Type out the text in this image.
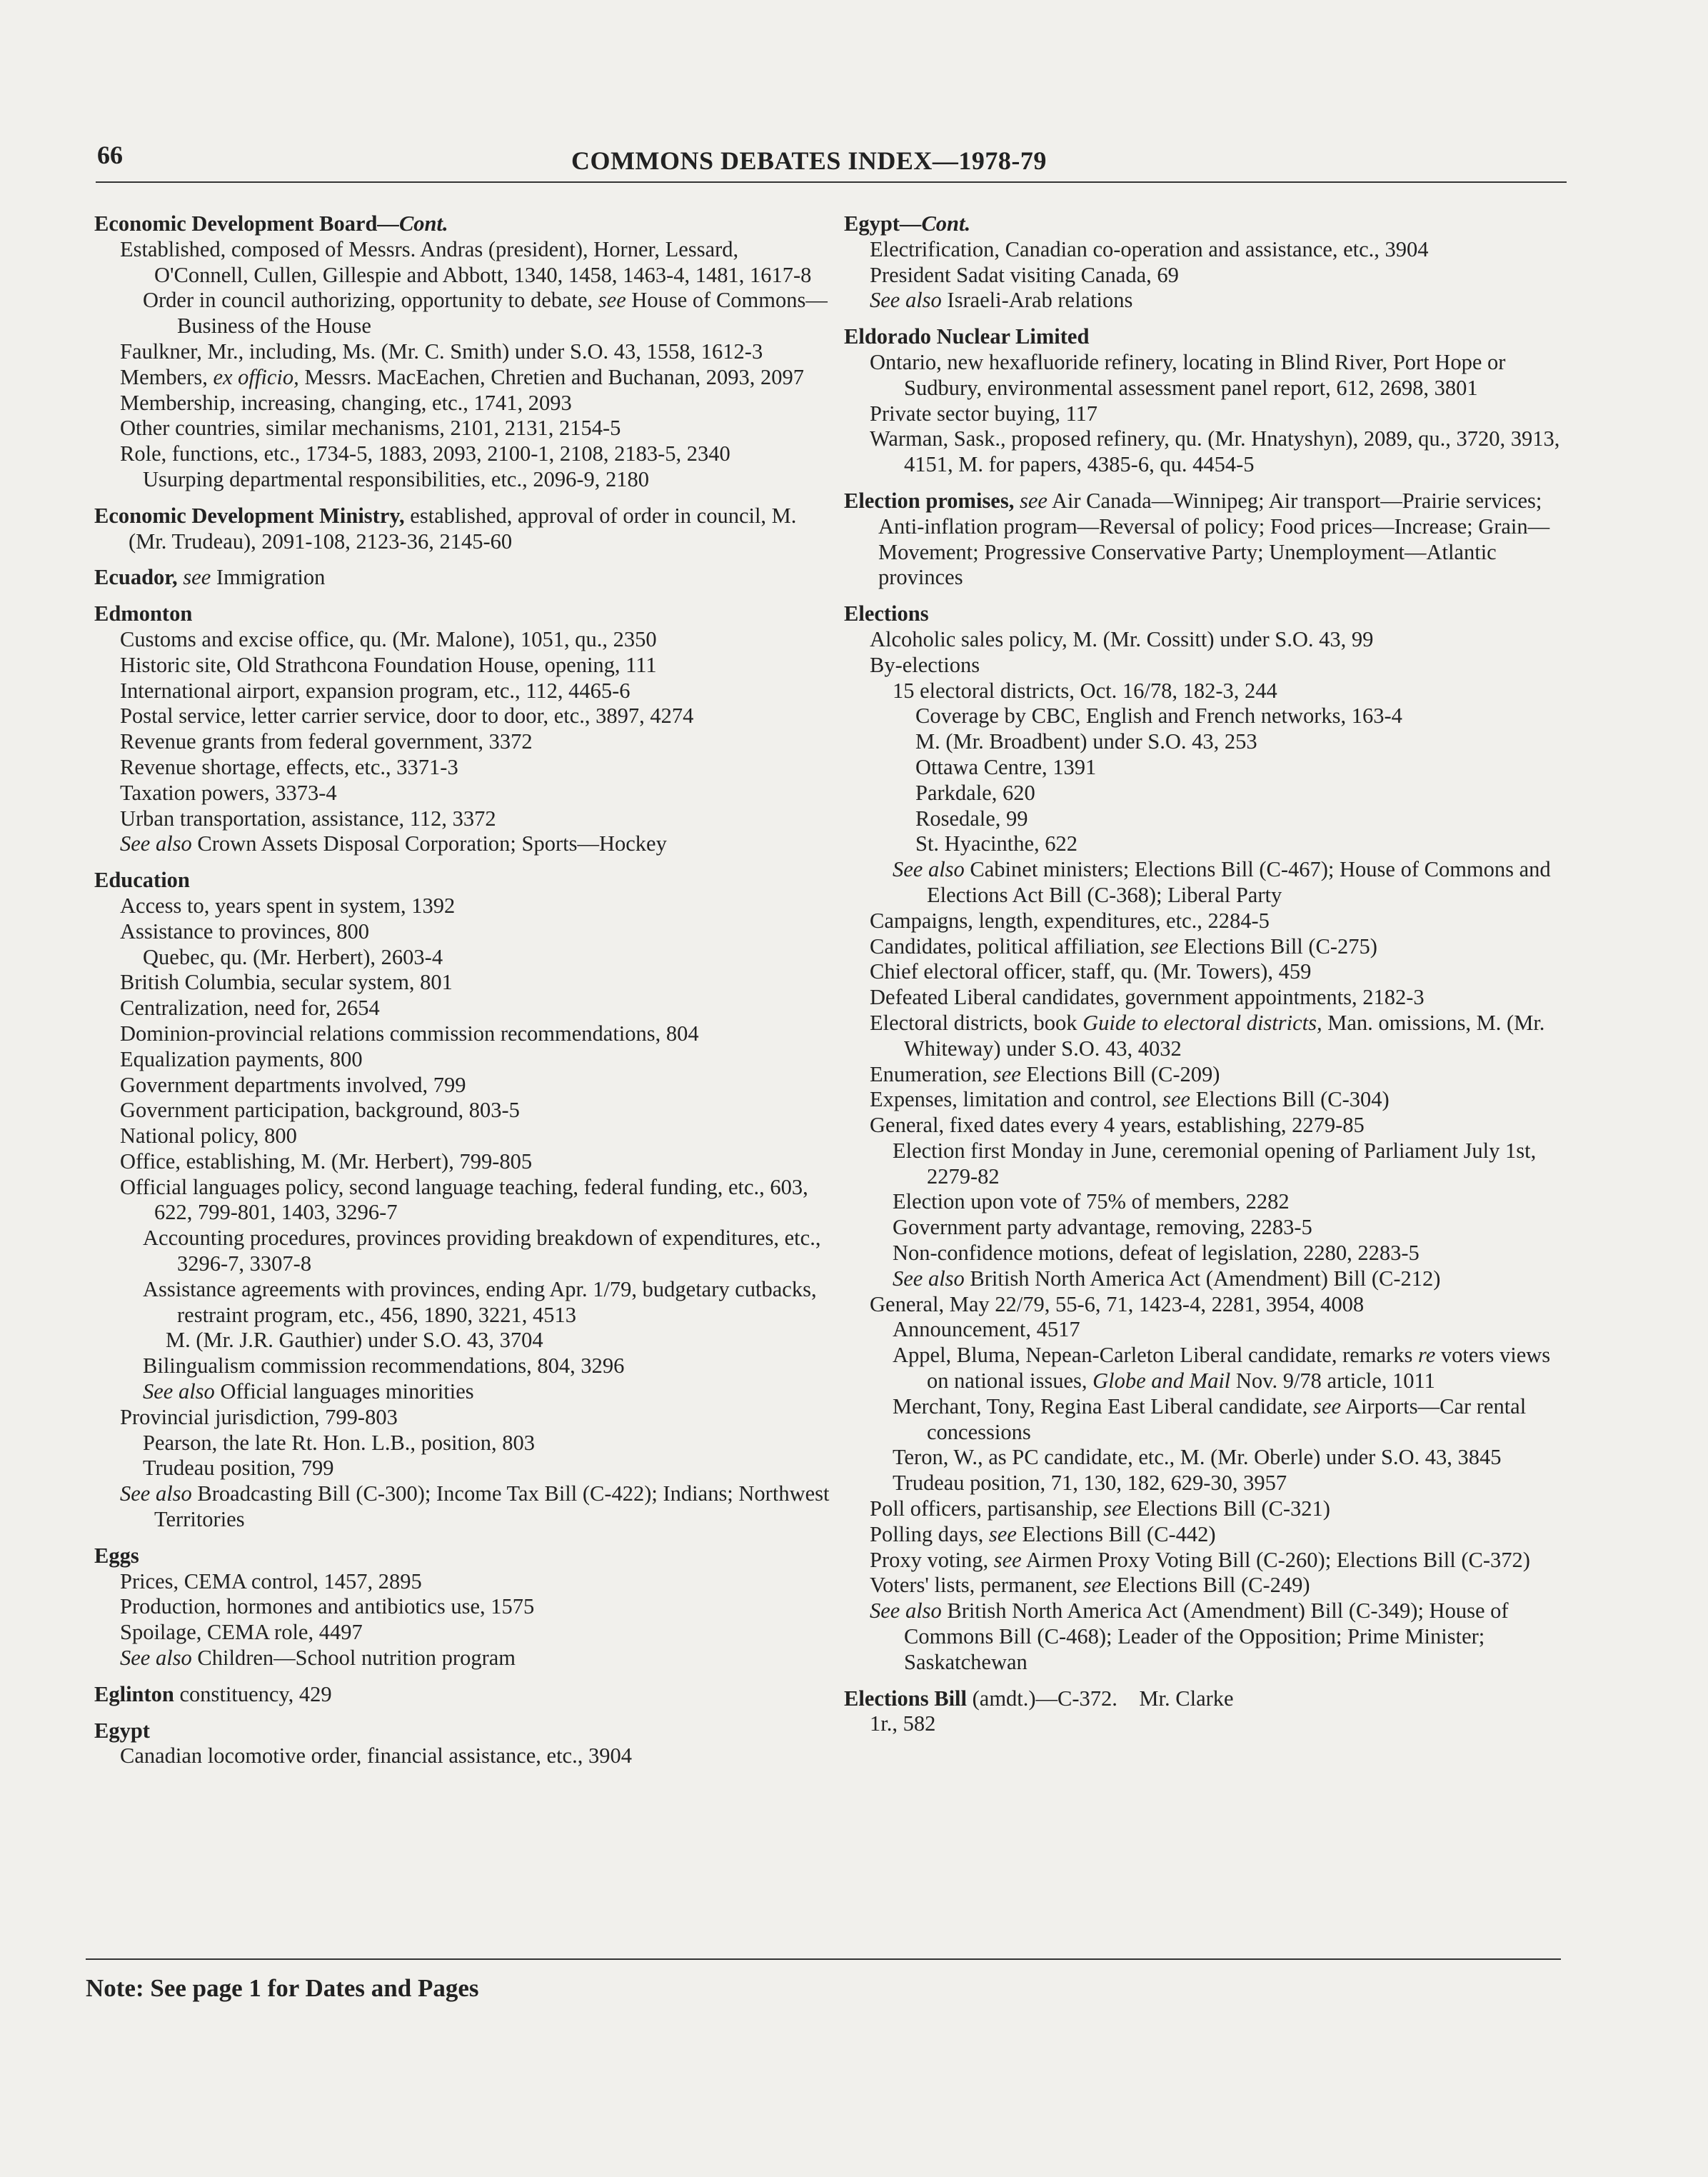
66	COMMONS DEBATES INDEX—1978-79
Economic Development Board—Cont.
Established, composed of Messrs. Andras (president), Horner, Lessard, O'Connell, Cullen, Gillespie and Abbott, 1340, 1458, 1463-4, 1481, 1617-8
Order in council authorizing, opportunity to debate, see House of Commons—Business of the House
Faulkner, Mr., including, Ms. (Mr. C. Smith) under S.O. 43, 1558, 1612-3
Members, ex officio, Messrs. MacEachen, Chretien and Buchanan, 2093, 2097
Membership, increasing, changing, etc., 1741, 2093
Other countries, similar mechanisms, 2101, 2131, 2154-5
Role, functions, etc., 1734-5, 1883, 2093, 2100-1, 2108, 2183-5, 2340
Usurping departmental responsibilities, etc., 2096-9, 2180
Economic Development Ministry, established, approval of order in council, M. (Mr. Trudeau), 2091-108, 2123-36, 2145-60
Ecuador, see Immigration
Edmonton
Customs and excise office, qu. (Mr. Malone), 1051, qu., 2350
Historic site, Old Strathcona Foundation House, opening, 111
International airport, expansion program, etc., 112, 4465-6
Postal service, letter carrier service, door to door, etc., 3897, 4274
Revenue grants from federal government, 3372
Revenue shortage, effects, etc., 3371-3
Taxation powers, 3373-4
Urban transportation, assistance, 112, 3372
See also Crown Assets Disposal Corporation; Sports—Hockey
Education
Access to, years spent in system, 1392
Assistance to provinces, 800
Quebec, qu. (Mr. Herbert), 2603-4
British Columbia, secular system, 801
Centralization, need for, 2654
Dominion-provincial relations commission recommendations, 804
Equalization payments, 800
Government departments involved, 799
Government participation, background, 803-5
National policy, 800
Office, establishing, M. (Mr. Herbert), 799-805
Official languages policy, second language teaching, federal funding, etc., 603, 622, 799-801, 1403, 3296-7
Accounting procedures, provinces providing breakdown of expenditures, etc., 3296-7, 3307-8
Assistance agreements with provinces, ending Apr. 1/79, budgetary cutbacks, restraint program, etc., 456, 1890, 3221, 4513
M. (Mr. J.R. Gauthier) under S.O. 43, 3704
Bilingualism commission recommendations, 804, 3296
See also Official languages minorities
Provincial jurisdiction, 799-803
Pearson, the late Rt. Hon. L.B., position, 803
Trudeau position, 799
See also Broadcasting Bill (C-300); Income Tax Bill (C-422); Indians; Northwest Territories
Eggs
Prices, CEMA control, 1457, 2895
Production, hormones and antibiotics use, 1575
Spoilage, CEMA role, 4497
See also Children—School nutrition program
Eglinton constituency, 429
Egypt
Canadian locomotive order, financial assistance, etc., 3904
Egypt—Cont.
Electrification, Canadian co-operation and assistance, etc., 3904
President Sadat visiting Canada, 69
See also Israeli-Arab relations
Eldorado Nuclear Limited
Ontario, new hexafluoride refinery, locating in Blind River, Port Hope or Sudbury, environmental assessment panel report, 612, 2698, 3801
Private sector buying, 117
Warman, Sask., proposed refinery, qu. (Mr. Hnatyshyn), 2089, qu., 3720, 3913, 4151, M. for papers, 4385-6, qu. 4454-5
Election promises, see Air Canada—Winnipeg; Air transport—Prairie services; Anti-inflation program—Reversal of policy; Food prices—Increase; Grain—Movement; Progressive Conservative Party; Unemployment—Atlantic provinces
Elections
Alcoholic sales policy, M. (Mr. Cossitt) under S.O. 43, 99
By-elections
15 electoral districts, Oct. 16/78, 182-3, 244
Coverage by CBC, English and French networks, 163-4
M. (Mr. Broadbent) under S.O. 43, 253
Ottawa Centre, 1391
Parkdale, 620
Rosedale, 99
St. Hyacinthe, 622
See also Cabinet ministers; Elections Bill (C-467); House of Commons and Elections Act Bill (C-368); Liberal Party
Campaigns, length, expenditures, etc., 2284-5
Candidates, political affiliation, see Elections Bill (C-275)
Chief electoral officer, staff, qu. (Mr. Towers), 459
Defeated Liberal candidates, government appointments, 2182-3
Electoral districts, book Guide to electoral districts, Man. omissions, M. (Mr. Whiteway) under S.O. 43, 4032
Enumeration, see Elections Bill (C-209)
Expenses, limitation and control, see Elections Bill (C-304)
General, fixed dates every 4 years, establishing, 2279-85
Election first Monday in June, ceremonial opening of Parliament July 1st, 2279-82
Election upon vote of 75% of members, 2282
Government party advantage, removing, 2283-5
Non-confidence motions, defeat of legislation, 2280, 2283-5
See also British North America Act (Amendment) Bill (C-212)
General, May 22/79, 55-6, 71, 1423-4, 2281, 3954, 4008
Announcement, 4517
Appel, Bluma, Nepean-Carleton Liberal candidate, remarks re voters views on national issues, Globe and Mail Nov. 9/78 article, 1011
Merchant, Tony, Regina East Liberal candidate, see Airports—Car rental concessions
Teron, W., as PC candidate, etc., M. (Mr. Oberle) under S.O. 43, 3845
Trudeau position, 71, 130, 182, 629-30, 3957
Poll officers, partisanship, see Elections Bill (C-321)
Polling days, see Elections Bill (C-442)
Proxy voting, see Airmen Proxy Voting Bill (C-260); Elections Bill (C-372)
Voters' lists, permanent, see Elections Bill (C-249)
See also British North America Act (Amendment) Bill (C-349); House of Commons Bill (C-468); Leader of the Opposition; Prime Minister; Saskatchewan
Elections Bill (amdt.)—C-372.    Mr. Clarke
1r., 582
Note: See page 1 for Dates and Pages
